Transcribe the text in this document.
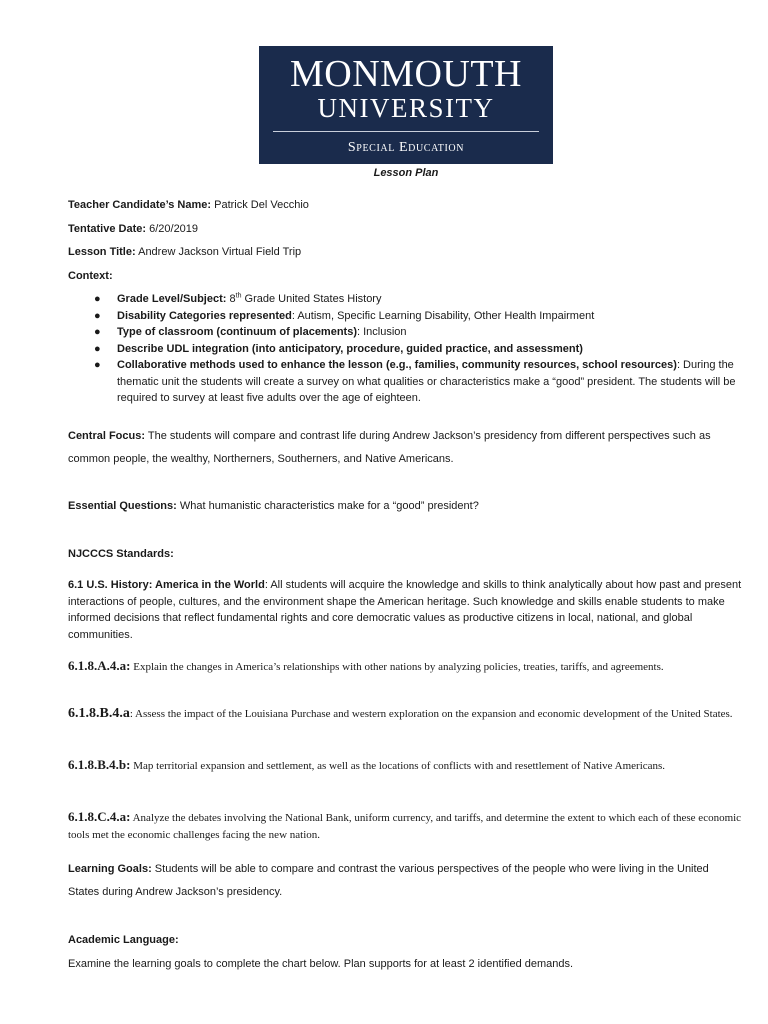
MONMOUTH
UNIVERSITY
Special Education
Lesson Plan
Teacher Candidate’s Name: Patrick Del Vecchio
Tentative Date: 6/20/2019
Lesson Title: Andrew Jackson Virtual Field Trip
Context:
● Grade Level/Subject: 8th Grade United States History
● Disability Categories represented: Autism, Specific Learning Disability, Other Health Impairment
● Type of classroom (continuum of placements): Inclusion
● Describe UDL integration (into anticipatory, procedure, guided practice, and assessment)
● Collaborative methods used to enhance the lesson (e.g., families, community resources, school resources): During the thematic unit the students will create a survey on what qualities or characteristics make a “good” president. The students will be required to survey at least five adults over the age of eighteen.
Central Focus: The students will compare and contrast life during Andrew Jackson’s presidency from different perspectives such as
common people, the wealthy, Northerners, Southerners, and Native Americans.
Essential Questions: What humanistic characteristics make for a “good” president?
NJCCCS Standards:
6.1 U.S. History: America in the World: All students will acquire the knowledge and skills to think analytically about how past and present interactions of people, cultures, and the environment shape the American heritage. Such knowledge and skills enable students to make informed decisions that reflect fundamental rights and core democratic values as productive citizens in local, national, and global communities.
6.1.8.A.4.a: Explain the changes in America’s relationships with other nations by analyzing policies, treaties, tariffs, and agreements.
6.1.8.B.4.a: Assess the impact of the Louisiana Purchase and western exploration on the expansion and economic development of the United States.
6.1.8.B.4.b: Map territorial expansion and settlement, as well as the locations of conflicts with and resettlement of Native Americans.
6.1.8.C.4.a: Analyze the debates involving the National Bank, uniform currency, and tariffs, and determine the extent to which each of these economic tools met the economic challenges facing the new nation.
Learning Goals: Students will be able to compare and contrast the various perspectives of the people who were living in the United
States during Andrew Jackson’s presidency.
Academic Language:
Examine the learning goals to complete the chart below. Plan supports for at least 2 identified demands.
